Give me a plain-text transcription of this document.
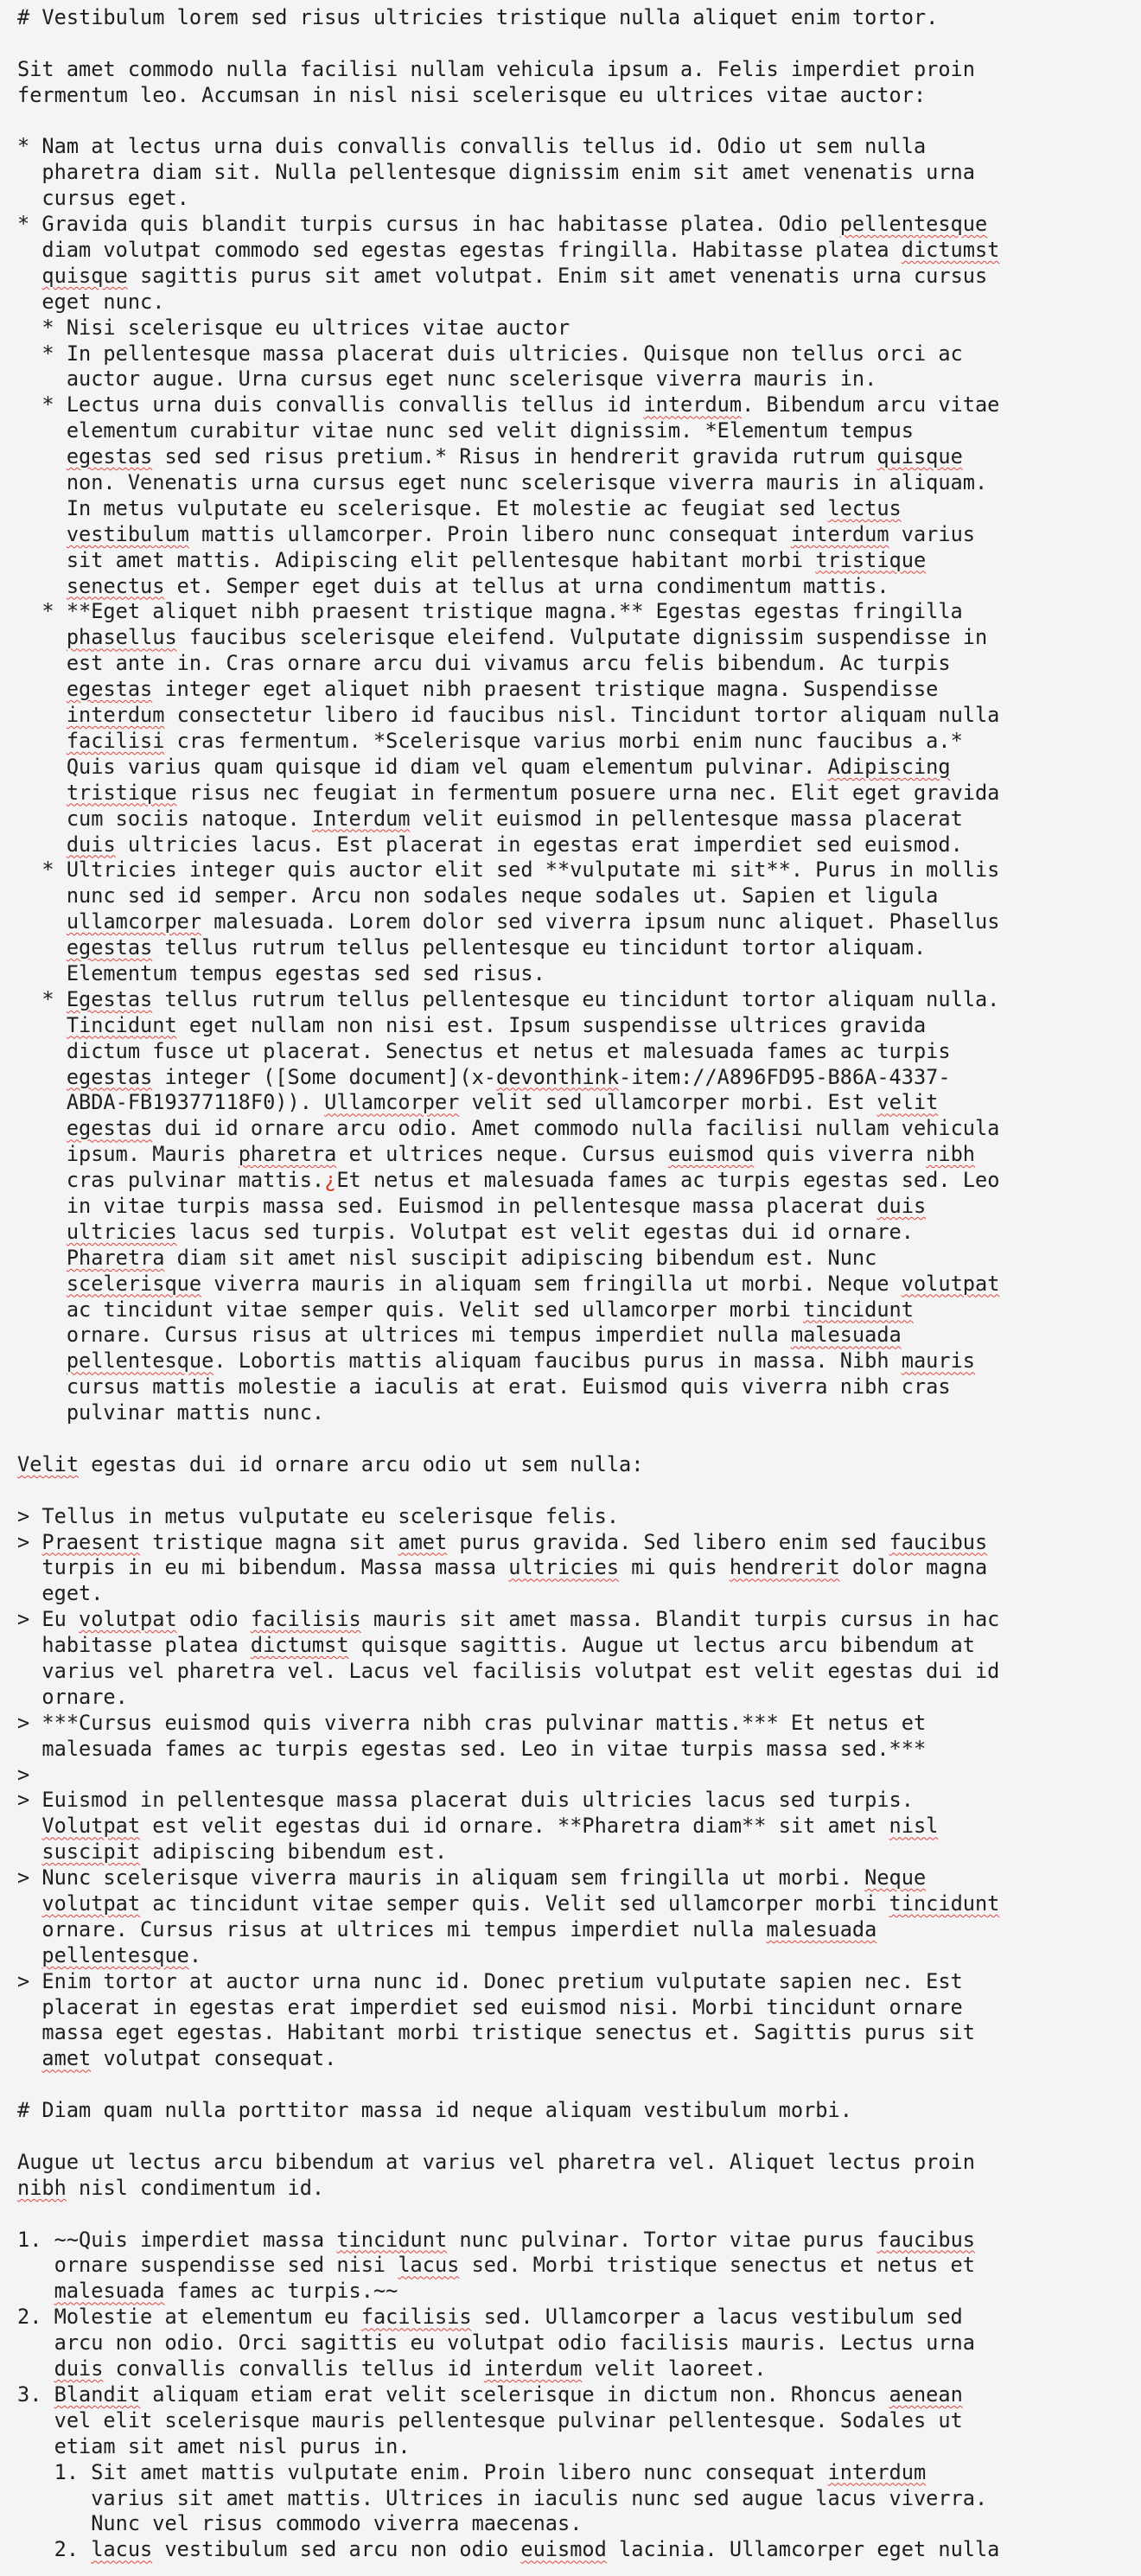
# Vestibulum lorem sed risus ultricies tristique nulla aliquet enim tortor.
Sit amet commodo nulla facilisi nullam vehicula ipsum a. Felis imperdiet proin
fermentum leo. Accumsan in nisl nisi scelerisque eu ultrices vitae auctor:
* Nam at lectus urna duis convallis convallis tellus id. Odio ut sem nulla
pharetra diam sit. Nulla pellentesque dignissim enim sit amet venenatis urna
cursus eget.
* Gravida quis blandit turpis cursus in hac habitasse platea. Odio pellentesque
diam volutpat commodo sed egestas egestas fringilla. Habitasse platea dictumst
quisque sagittis purus sit amet volutpat. Enim sit amet venenatis urna cursus
eget nunc.
* Nisi scelerisque eu ultrices vitae auctor
* In pellentesque massa placerat duis ultricies. Quisque non tellus orci ac
auctor augue. Urna cursus eget nunc scelerisque viverra mauris in.
* Lectus urna duis convallis convallis tellus id interdum. Bibendum arcu vitae
elementum curabitur vitae nunc sed velit dignissim. *Elementum tempus
egestas sed sed risus pretium.* Risus in hendrerit gravida rutrum quisque
non. Venenatis urna cursus eget nunc scelerisque viverra mauris in aliquam.
In metus vulputate eu scelerisque. Et molestie ac feugiat sed lectus
vestibulum mattis ullamcorper. Proin libero nunc consequat interdum varius
sit amet mattis. Adipiscing elit pellentesque habitant morbi tristique
senectus et. Semper eget duis at tellus at urna condimentum mattis.
* **Eget aliquet nibh praesent tristique magna.** Egestas egestas fringilla
phasellus faucibus scelerisque eleifend. Vulputate dignissim suspendisse in
est ante in. Cras ornare arcu dui vivamus arcu felis bibendum. Ac turpis
egestas integer eget aliquet nibh praesent tristique magna. Suspendisse
interdum consectetur libero id faucibus nisl. Tincidunt tortor aliquam nulla
facilisi cras fermentum. *Scelerisque varius morbi enim nunc faucibus a.*
Quis varius quam quisque id diam vel quam elementum pulvinar. Adipiscing
tristique risus nec feugiat in fermentum posuere urna nec. Elit eget gravida
cum sociis natoque. Interdum velit euismod in pellentesque massa placerat
duis ultricies lacus. Est placerat in egestas erat imperdiet sed euismod.
* Ultricies integer quis auctor elit sed **vulputate mi sit**. Purus in mollis
nunc sed id semper. Arcu non sodales neque sodales ut. Sapien et ligula
ullamcorper malesuada. Lorem dolor sed viverra ipsum nunc aliquet. Phasellus
egestas tellus rutrum tellus pellentesque eu tincidunt tortor aliquam.
Elementum tempus egestas sed sed risus.
* Egestas tellus rutrum tellus pellentesque eu tincidunt tortor aliquam nulla.
Tincidunt eget nullam non nisi est. Ipsum suspendisse ultrices gravida
dictum fusce ut placerat. Senectus et netus et malesuada fames ac turpis
egestas integer ([Some document](x-devonthink-item://A896FD95-B86A-4337-
ABDA-FB19377118F0)). Ullamcorper velit sed ullamcorper morbi. Est velit
egestas dui id ornare arcu odio. Amet commodo nulla facilisi nullam vehicula
ipsum. Mauris pharetra et ultrices neque. Cursus euismod quis viverra nibh
cras pulvinar mattis.¿Et netus et malesuada fames ac turpis egestas sed. Leo
in vitae turpis massa sed. Euismod in pellentesque massa placerat duis
ultricies lacus sed turpis. Volutpat est velit egestas dui id ornare.
Pharetra diam sit amet nisl suscipit adipiscing bibendum est. Nunc
scelerisque viverra mauris in aliquam sem fringilla ut morbi. Neque volutpat
ac tincidunt vitae semper quis. Velit sed ullamcorper morbi tincidunt
ornare. Cursus risus at ultrices mi tempus imperdiet nulla malesuada
pellentesque. Lobortis mattis aliquam faucibus purus in massa. Nibh mauris
cursus mattis molestie a iaculis at erat. Euismod quis viverra nibh cras
pulvinar mattis nunc.
Velit egestas dui id ornare arcu odio ut sem nulla:
> Tellus in metus vulputate eu scelerisque felis.
> Praesent tristique magna sit amet purus gravida. Sed libero enim sed faucibus
turpis in eu mi bibendum. Massa massa ultricies mi quis hendrerit dolor magna
eget.
> Eu volutpat odio facilisis mauris sit amet massa. Blandit turpis cursus in hac
habitasse platea dictumst quisque sagittis. Augue ut lectus arcu bibendum at
varius vel pharetra vel. Lacus vel facilisis volutpat est velit egestas dui id
ornare.
> ***Cursus euismod quis viverra nibh cras pulvinar mattis.*** Et netus et
malesuada fames ac turpis egestas sed. Leo in vitae turpis massa sed.***
>
> Euismod in pellentesque massa placerat duis ultricies lacus sed turpis.
Volutpat est velit egestas dui id ornare. **Pharetra diam** sit amet nisl
suscipit adipiscing bibendum est.
> Nunc scelerisque viverra mauris in aliquam sem fringilla ut morbi. Neque
volutpat ac tincidunt vitae semper quis. Velit sed ullamcorper morbi tincidunt
ornare. Cursus risus at ultrices mi tempus imperdiet nulla malesuada
pellentesque.
> Enim tortor at auctor urna nunc id. Donec pretium vulputate sapien nec. Est
placerat in egestas erat imperdiet sed euismod nisi. Morbi tincidunt ornare
massa eget egestas. Habitant morbi tristique senectus et. Sagittis purus sit
amet volutpat consequat.
# Diam quam nulla porttitor massa id neque aliquam vestibulum morbi.
Augue ut lectus arcu bibendum at varius vel pharetra vel. Aliquet lectus proin
nibh nisl condimentum id.
1. ~~Quis imperdiet massa tincidunt nunc pulvinar. Tortor vitae purus faucibus
ornare suspendisse sed nisi lacus sed. Morbi tristique senectus et netus et
malesuada fames ac turpis.~~
2. Molestie at elementum eu facilisis sed. Ullamcorper a lacus vestibulum sed
arcu non odio. Orci sagittis eu volutpat odio facilisis mauris. Lectus urna
duis convallis convallis tellus id interdum velit laoreet.
3. Blandit aliquam etiam erat velit scelerisque in dictum non. Rhoncus aenean
vel elit scelerisque mauris pellentesque pulvinar pellentesque. Sodales ut
etiam sit amet nisl purus in.
1. Sit amet mattis vulputate enim. Proin libero nunc consequat interdum
varius sit amet mattis. Ultrices in iaculis nunc sed augue lacus viverra.
Nunc vel risus commodo viverra maecenas.
2. lacus vestibulum sed arcu non odio euismod lacinia. Ullamcorper eget nulla
